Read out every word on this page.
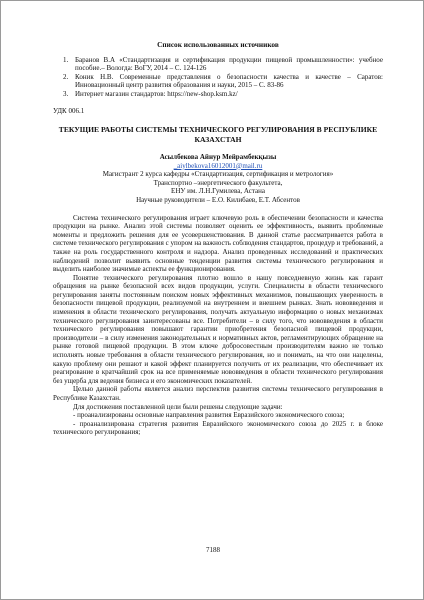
Список использованных источников
1. Баранов В.А «Стандартизация и сертификация продукции пищевой промышленности»: учебное пособие.– Вологда: ВоГУ, 2014 – С. 124-126
2. Коник Н.В. Современные представления о безопасности качества и качестве – Саратов: Инновационный центр развития образования и науки, 2015 – С. 83-86
3. Интернет магазин стандартов: https://new-shop.ksm.kz/
УДК 006.1
ТЕКУЩИЕ РАБОТЫ СИСТЕМЫ ТЕХНИЧЕСКОГО РЕГУЛИРОВАНИЯ В РЕСПУБЛИКЕ КАЗАХСТАН
Асылбекова Айнур Мейрамбекқызы
_aiylbekova16012001@mail.ru
Магистрант 2 курса кафедры «Стандартизация, сертификация и метрология»
Транспортно –энергетического факультета,
ЕНУ им. Л.Н.Гумилева, Астана
Научные руководители – Е.О. Килибаев, Е.Т. Абсентов

Система технического регулирования играет ключевую роль в обеспечении безопасности и качества продукции на рынке. Анализ этой системы позволяет оценить ее эффективность, выявить проблемные моменты и предложить решения для ее усовершенствования. В данной статье рассматривается работа в системе технического регулирования с упором на важность соблюдения стандартов, процедур и требований, а также на роль государственного контроля и надзора. Анализ проведенных исследований и практических наблюдений позволит выявить основные тенденции развития системы технического регулирования и выделить наиболее значимые аспекты ее функционирования.

Понятие технического регулирования плотно вошло в нашу повседневную жизнь как гарант обращения на рынке безопасной всех видов продукции, услуги. Специалисты в области технического регулирования заняты постоянным поиском новых эффективных механизмов, повышающих уверенность в безопасности пищевой продукции, реализуемой на внутреннем и внешнем рынках. Знать нововведения и изменения в области технического регулирования, получать актуальную информацию о новых механизмах технического регулирования заинтересованы все. Потребители – в силу того, что нововведения в области технического регулирования повышают гарантии приобретения безопасной пищевой продукции, производители – в силу изменения законодательных и нормативных актов, регламентирующих обращение на рынке готовой пищевой продукции. В этом ключе добросовестным производителям важно не только исполнять новые требования в области технического регулирования, но и понимать, на что они нацелены, какую проблему они решают и какой эффект планируется получить от их реализации, что обеспечивает их реагирование в кратчайший срок на все применяемые нововведения в области технического регулирования без ущерба для ведения бизнеса и его экономических показателей.

Целью данной работы является анализ перспектив развития системы технического регулирования в Республике Казахстан.

Для достижения поставленной цели были решены следующие задачи:

- проанализированы основные направления развития Евразийского экономического союза;

- проанализирована стратегия развития Евразийского экономического союза до 2025 г. в блоке технического регулирования;

7188
